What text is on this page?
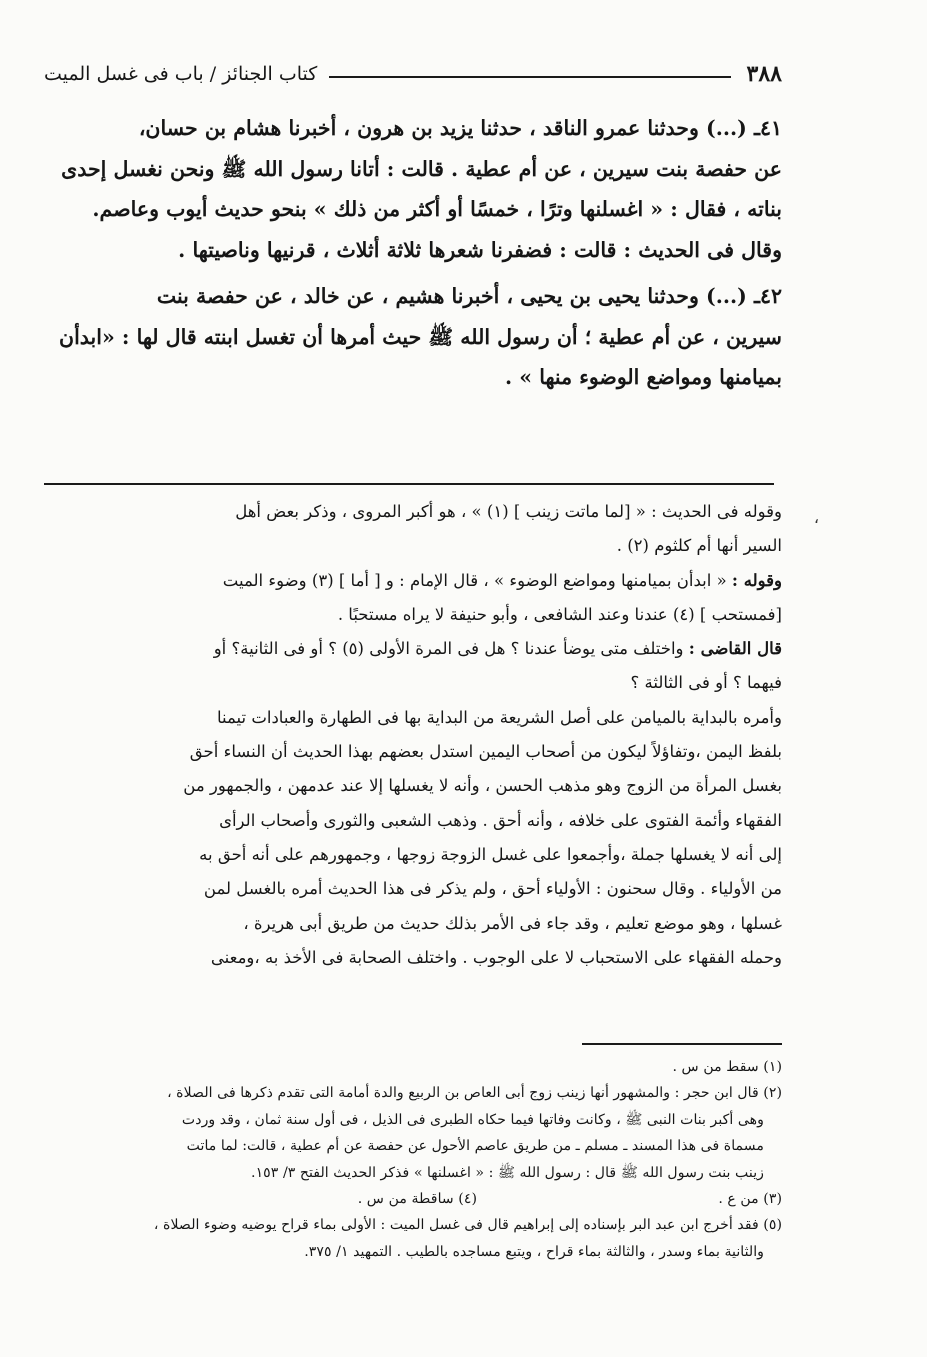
٣٨٨
كتاب الجنائز / باب فى غسل الميت

٤١ـ (...) وحدثنا عمرو الناقد ، حدثنا يزيد بن هرون ، أخبرنا هشام بن حسان،
عن حفصة بنت سيرين ، عن أم عطية . قالت : أتانا رسول الله ﷺ ونحن نغسل إحدى
بناته ، فقال : « اغسلنها وترًا ، خمسًا أو أكثر من ذلك » بنحو حديث أيوب وعاصم.
وقال فى الحديث : قالت : فضفرنا شعرها ثلاثة أثلاث ، قرنيها وناصيتها .

٤٢ـ (...) وحدثنا يحيى بن يحيى ، أخبرنا هشيم ، عن خالد ، عن حفصة بنت
سيرين ، عن أم عطية ؛ أن رسول الله ﷺ حيث أمرها أن تغسل ابنته قال لها : «ابدأن
بميامنها ومواضع الوضوء منها » .

،
وقوله فى الحديث : « [لما ماتت زينب ] (١) » ، هو أكبر المروى ، وذكر بعض أهل
السير أنها أم كلثوم (٢) .
وقوله : « ابدأن بميامنها ومواضع الوضوء » ، قال الإمام : و [ أما ] (٣) وضوء الميت
[فمستحب ] (٤) عندنا وعند الشافعى ، وأبو حنيفة لا يراه مستحبًا .
قال القاضى : واختلف متى يوضأ عندنا ؟ هل فى المرة الأولى (٥) ؟ أو فى الثانية؟ أو
فيهما ؟ أو فى الثالثة ؟
وأمره بالبداية بالميامن على أصل الشريعة من البداية بها فى الطهارة والعبادات تيمنا
بلفظ اليمن ،وتفاؤلاً ليكون من أصحاب اليمين استدل بعضهم بهذا الحديث أن النساء أحق
بغسل المرأة من الزوج وهو مذهب الحسن ، وأنه لا يغسلها إلا عند عدمهن ، والجمهور من
الفقهاء وأئمة الفتوى على خلافه ، وأنه أحق . وذهب الشعبى والثورى وأصحاب الرأى
إلى أنه لا يغسلها جملة ،وأجمعوا على غسل الزوجة زوجها ، وجمهورهم على أنه أحق به
من الأولياء . وقال سحنون : الأولياء أحق ، ولم يذكر فى هذا الحديث أمره بالغسل لمن
غسلها ، وهو موضع تعليم ، وقد جاء فى الأمر بذلك حديث من طريق أبى هريرة ،
وحمله الفقهاء على الاستحباب لا على الوجوب . واختلف الصحابة فى الأخذ به ،ومعنى
(١) سقط من س .
(٢) قال ابن حجر : والمشهور أنها زينب زوج أبى العاص بن الربيع والدة أمامة التى تقدم ذكرها فى الصلاة ،
وهى أكبر بنات النبى ﷺ ، وكانت وفاتها فيما حكاه الطبرى فى الذيل ، فى أول سنة ثمان ، وقد وردت
مسماة فى هذا المسند ـ مسلم ـ من طريق عاصم الأحول عن حفصة عن أم عطية ، قالت: لما ماتت
زينب بنت رسول الله ﷺ قال : رسول الله ﷺ : « اغسلنها » فذكر الحديث الفتح ٣/ ١٥٣.
(٣) من ع .
(٤) ساقطة من س .
(٥) فقد أخرج ابن عبد البر بإسناده إلى إبراهيم قال فى غسل الميت : الأولى بماء قراح يوضيه وضوء الصلاة ،
والثانية بماء وسدر ، والثالثة بماء قراح ، ويتبع مساجده بالطيب . التمهيد ١/ ٣٧٥.
